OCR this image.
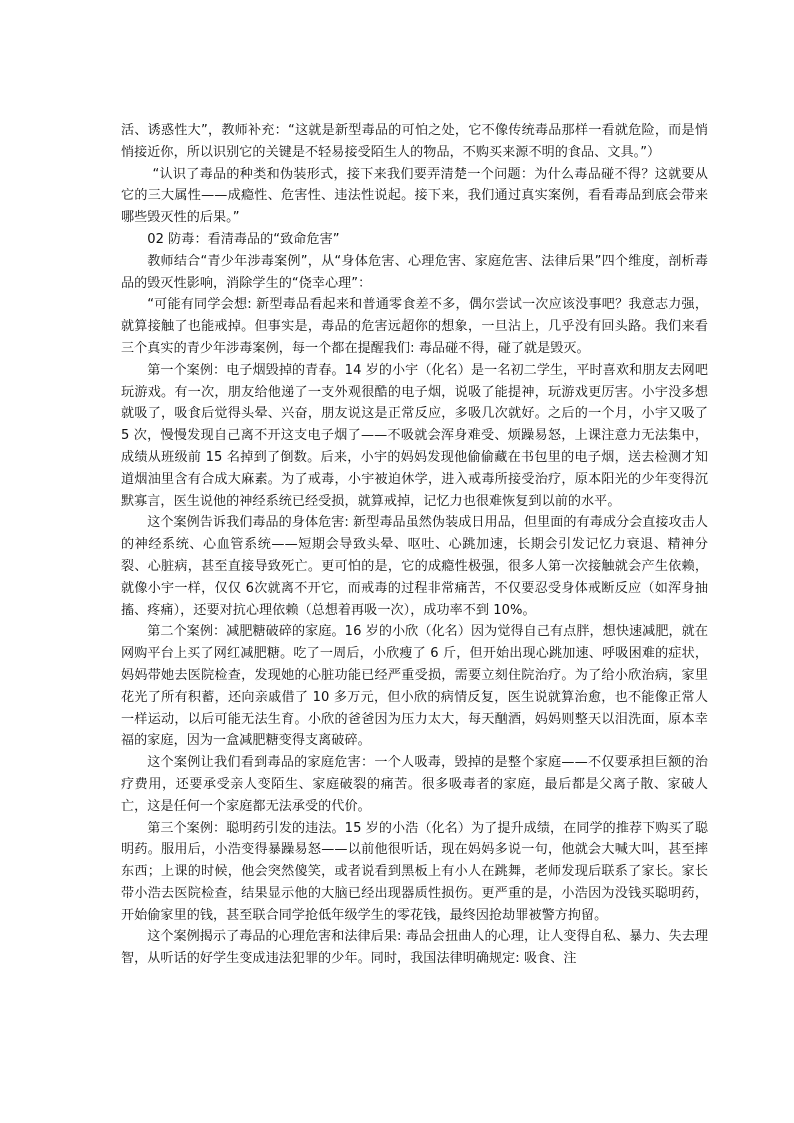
活、诱惑性大”，教师补充：“这就是新型毒品的可怕之处，它不像传统毒品那样一看就危险，而是悄悄接近你，所以识别它的关键是不轻易接受陌生人的物品，不购买来源不明的食品、文具。”）

“认识了毒品的种类和伪装形式，接下来我们要弄清楚一个问题：为什么毒品碰不得？这就要从它的三大属性——成瘾性、危害性、违法性说起。接下来，我们通过真实案例，看看毒品到底会带来哪些毁灭性的后果。”

02 防毒：看清毒品的“致命危害”

教师结合“青少年涉毒案例”，从“身体危害、心理危害、家庭危害、法律后果”四个维度，剖析毒品的毁灭性影响，消除学生的“侥幸心理”：

“可能有同学会想: 新型毒品看起来和普通零食差不多，偶尔尝试一次应该没事吧？我意志力强，就算接触了也能戒掉。但事实是，毒品的危害远超你的想象，一旦沾上，几乎没有回头路。我们来看三个真实的青少年涉毒案例，每一个都在提醒我们: 毒品碰不得，碰了就是毁灭。

第一个案例：电子烟毁掉的青春。14 岁的小宇（化名）是一名初二学生，平时喜欢和朋友去网吧玩游戏。有一次，朋友给他递了一支外观很酷的电子烟，说吸了能提神，玩游戏更厉害。小宇没多想就吸了，吸食后觉得头晕、兴奋，朋友说这是正常反应，多吸几次就好。之后的一个月，小宇又吸了 5 次，慢慢发现自己离不开这支电子烟了——不吸就会浑身难受、烦躁易怒，上课注意力无法集中，成绩从班级前 15 名掉到了倒数。后来，小宇的妈妈发现他偷偷藏在书包里的电子烟，送去检测才知道烟油里含有合成大麻素。为了戒毒，小宇被迫休学，进入戒毒所接受治疗，原本阳光的少年变得沉默寡言，医生说他的神经系统已经受损，就算戒掉，记忆力也很难恢复到以前的水平。

这个案例告诉我们毒品的身体危害: 新型毒品虽然伪装成日用品，但里面的有毒成分会直接攻击人的神经系统、心血管系统——短期会导致头晕、呕吐、心跳加速，长期会引发记忆力衰退、精神分裂、心脏病，甚至直接导致死亡。更可怕的是，它的成瘾性极强，很多人第一次接触就会产生依赖，就像小宇一样，仅仅 6次就离不开它，而戒毒的过程非常痛苦，不仅要忍受身体戒断反应（如浑身抽搐、疼痛），还要对抗心理依赖（总想着再吸一次），成功率不到 10%。

第二个案例：减肥糖破碎的家庭。16 岁的小欣（化名）因为觉得自己有点胖，想快速减肥，就在网购平台上买了网红减肥糖。吃了一周后，小欣瘦了 6 斤，但开始出现心跳加速、呼吸困难的症状，妈妈带她去医院检查，发现她的心脏功能已经严重受损，需要立刻住院治疗。为了给小欣治病，家里花光了所有积蓄，还向亲戚借了 10 多万元，但小欣的病情反复，医生说就算治愈，也不能像正常人一样运动，以后可能无法生育。小欣的爸爸因为压力太大，每天酗酒，妈妈则整天以泪洗面，原本幸福的家庭，因为一盒减肥糖变得支离破碎。

这个案例让我们看到毒品的家庭危害：一个人吸毒，毁掉的是整个家庭——不仅要承担巨额的治疗费用，还要承受亲人变陌生、家庭破裂的痛苦。很多吸毒者的家庭，最后都是父离子散、家破人亡，这是任何一个家庭都无法承受的代价。

第三个案例：聪明药引发的违法。15 岁的小浩（化名）为了提升成绩，在同学的推荐下购买了聪明药。服用后，小浩变得暴躁易怒——以前他很听话，现在妈妈多说一句，他就会大喊大叫，甚至摔东西；上课的时候，他会突然傻笑，或者说看到黑板上有小人在跳舞，老师发现后联系了家长。家长带小浩去医院检查，结果显示他的大脑已经出现器质性损伤。更严重的是，小浩因为没钱买聪明药，开始偷家里的钱，甚至联合同学抢低年级学生的零花钱，最终因抢劫罪被警方拘留。

这个案例揭示了毒品的心理危害和法律后果: 毒品会扭曲人的心理，让人变得自私、暴力、失去理智，从听话的好学生变成违法犯罪的少年。同时，我国法律明确规定: 吸食、注
